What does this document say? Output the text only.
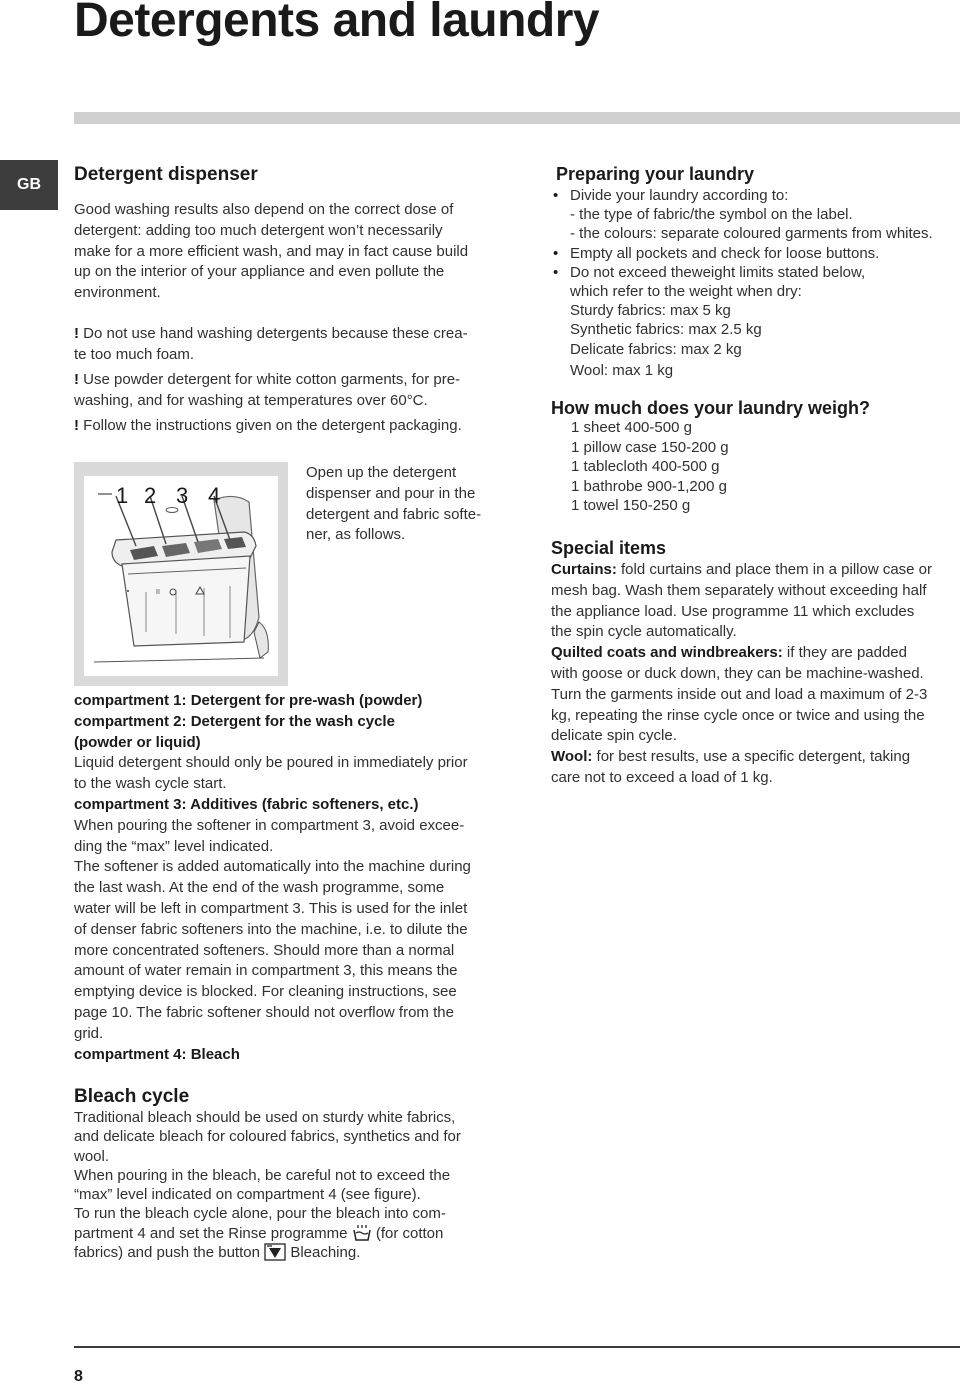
Detergents and laundry
GB	Detergent dispenser
Good washing results also depend on the correct dose of
detergent: adding too much detergent won’t necessarily
make for a more efficient wash, and may in fact cause build
up on the interior of your appliance and even pollute the
environment.
! Do not use hand washing detergents because these crea-
te too much foam.
! Use powder detergent for white cotton garments, for pre-
washing, and for washing at temperatures over 60°C.
! Follow the instructions given on the detergent packaging.
II
1 2 3 4
Open up the detergent
dispenser and pour in the
detergent and fabric softe-
ner, as follows.
compartment 1: Detergent for pre-wash (powder)
compartment 2: Detergent for the wash cycle
(powder or liquid)
Liquid detergent should only be poured in immediately prior
to the wash cycle start.
compartment 3: Additives (fabric softeners, etc.)
When pouring the softener in compartment 3, avoid excee-
ding the “max” level indicated.
The softener is added automatically into the machine during
the last wash. At the end of the wash programme, some
water will be left in compartment 3. This is used for the inlet
of denser fabric softeners into the machine, i.e. to dilute the
more concentrated softeners. Should more than a normal
amount of water remain in compartment 3, this means the
emptying device is blocked. For cleaning instructions, see
page 10. The fabric softener should not overflow from the
grid.
compartment 4: Bleach
Bleach cycle
Traditional bleach should be used on sturdy white fabrics,
and delicate bleach for coloured fabrics, synthetics and for
wool.
When pouring in the bleach, be careful not to exceed the
“max” level indicated on compartment 4 (see figure).
To run the bleach cycle alone, pour the bleach into com-
partment 4 and set the Rinse programme (for cotton
fabrics) and push the button Bleaching.
Preparing your laundry
• Divide your laundry according to:
- the type of fabric/the symbol on the label.
- the colours: separate coloured garments from whites.
• Empty all pockets and check for loose buttons.
• Do not exceed theweight limits stated below,
which refer to the weight when dry:
Sturdy fabrics: max 5 kg
Synthetic fabrics: max 2.5 kg
Delicate fabrics: max 2 kg
Wool: max 1 kg
How much does your laundry weigh?
1 sheet 400-500 g
1 pillow case 150-200 g
1 tablecloth 400-500 g
1 bathrobe 900-1,200 g
1 towel 150-250 g
Special items
Curtains: fold curtains and place them in a pillow case or
mesh bag. Wash them separately without exceeding half
the appliance load. Use programme 11 which excludes
the spin cycle automatically.
Quilted coats and windbreakers: if they are padded
with goose or duck down, they can be machine-washed.
Turn the garments inside out and load a maximum of 2-3
kg, repeating the rinse cycle once or twice and using the
delicate spin cycle.
Wool: for best results, use a specific detergent, taking
care not to exceed a load of 1 kg.
8
